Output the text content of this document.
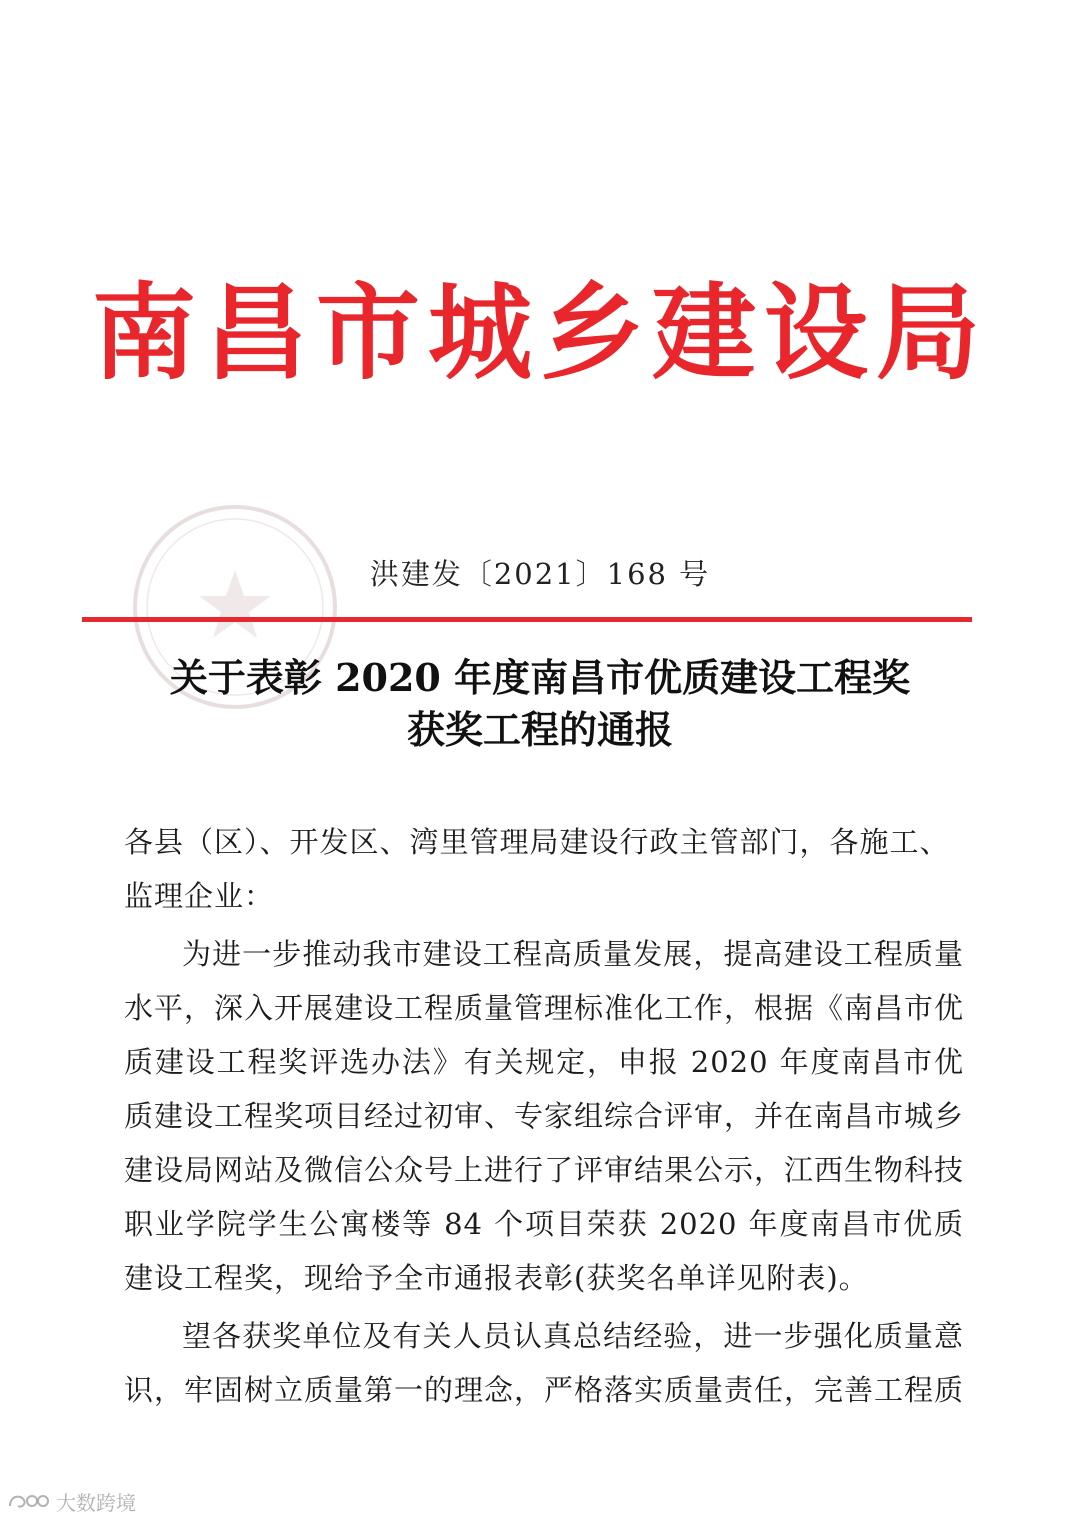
南昌市城乡建设局
洪建发〔2021〕168 号
关于表彰 2020 年度南昌市优质建设工程奖
获奖工程的通报
各县（区）、开发区、湾里管理局建设行政主管部门，各施工、监理企业：
为进一步推动我市建设工程高质量发展，提高建设工程质量水平，深入开展建设工程质量管理标准化工作，根据《南昌市优质建设工程奖评选办法》有关规定，申报 2020 年度南昌市优质建设工程奖项目经过初审、专家组综合评审，并在南昌市城乡建设局网站及微信公众号上进行了评审结果公示，江西生物科技职业学院学生公寓楼等 84 个项目荣获 2020 年度南昌市优质建设工程奖，现给予全市通报表彰(获奖名单详见附表)。
望各获奖单位及有关人员认真总结经验，进一步强化质量意识，牢固树立质量第一的理念，严格落实质量责任，完善工程质
大数跨境
